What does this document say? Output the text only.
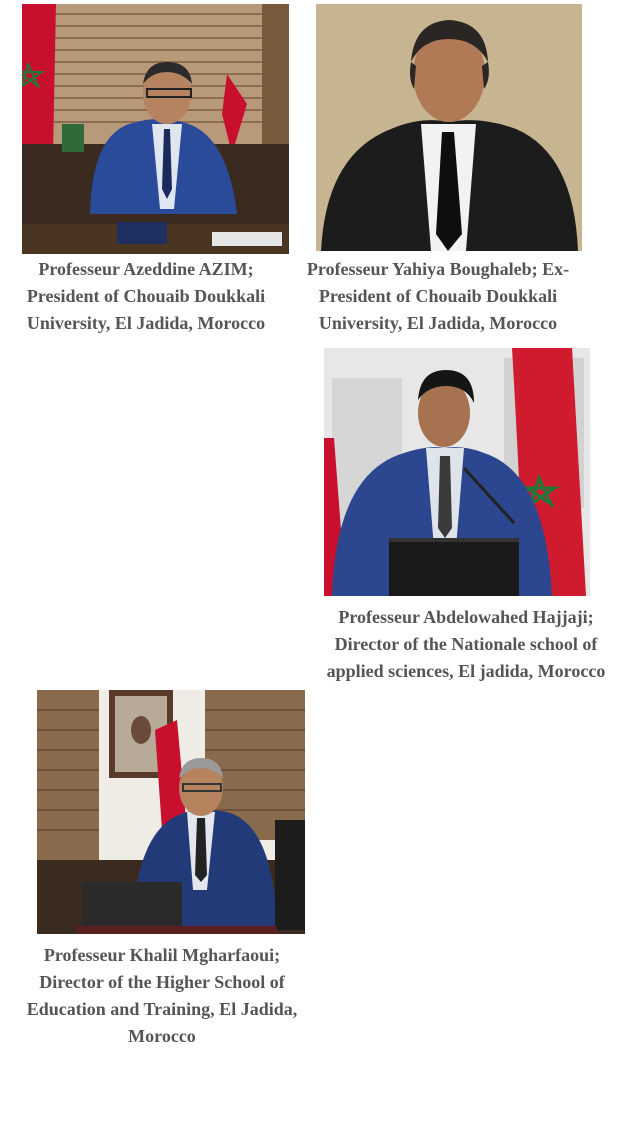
Professeur Azeddine AZIM;
President of Chouaib Doukkali
University, El Jadida, Morocco
Professeur Yahiya Boughaleb; Ex-
President of Chouaib Doukkali
University, El Jadida, Morocco
Professeur Abdelowahed Hajjaji;
Director of the Nationale school of
applied sciences, El jadida, Morocco
Professeur Khalil Mgharfaoui;
Director of the Higher School of
Education and Training, El Jadida,
Morocco
